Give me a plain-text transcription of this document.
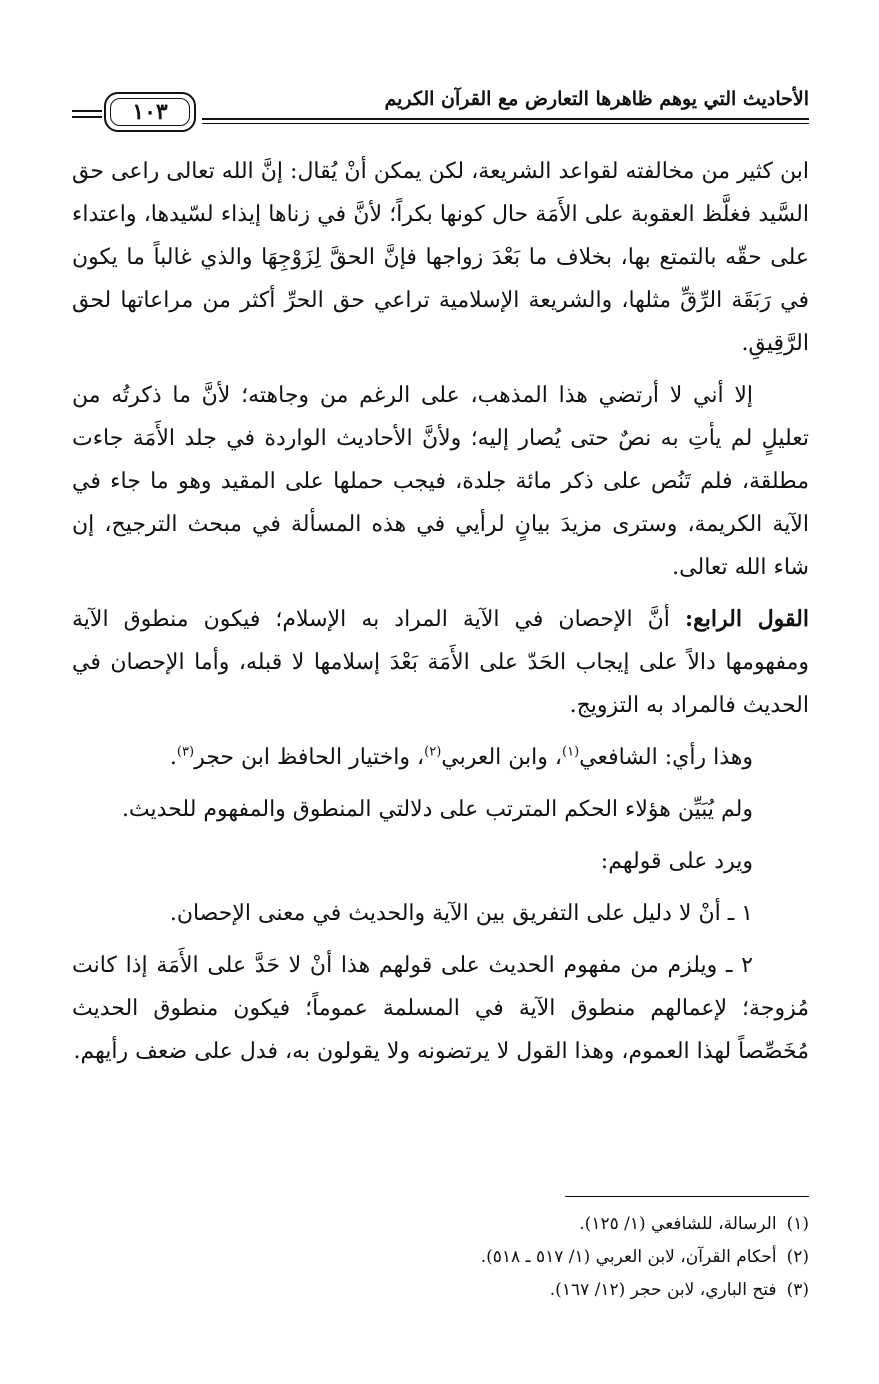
الأحاديث التي يوهم ظاهرها التعارض مع القرآن الكريم
١٠٣

ابن كثير من مخالفته لقواعد الشريعة، لكن يمكن أنْ يُقال: إنَّ الله تعالى راعى حق السَّيد فغلَّظ العقوبة على الأَمَة حال كونها بكراً؛ لأنَّ في زناها إيذاء لسّيدها، واعتداء على حقّه بالتمتع بها، بخلاف ما بَعْدَ زواجها فإنَّ الحقَّ لِزَوْجِهَا والذي غالباً ما يكون في رَبَقَة الرِّقِّ مثلها، والشريعة الإسلامية تراعي حق الحرِّ أكثر من مراعاتها لحق الرَّقِيقِ.

إلا أني لا أرتضي هذا المذهب، على الرغم من وجاهته؛ لأنَّ ما ذكرتُه من تعليلٍ لم يأتِ به نصٌ حتى يُصار إليه؛ ولأنَّ الأحاديث الواردة في جلد الأَمَة جاءت مطلقة، فلم تَنُص على ذكر مائة جلدة، فيجب حملها على المقيد وهو ما جاء في الآية الكريمة، وسترى مزيدَ بيانٍ لرأيي في هذه المسألة في مبحث الترجيح، إن شاء الله تعالى.

القول الرابع: أنَّ الإحصان في الآية المراد به الإسلام؛ فيكون منطوق الآية ومفهومها دالاً على إيجاب الحَدّ على الأَمَة بَعْدَ إسلامها لا قبله، وأما الإحصان في الحديث فالمراد به التزويج.

وهذا رأي: الشافعي$^{(١)}$، وابن العربي$^{(٢)}$، واختيار الحافظ ابن حجر$^{(٣)}$.

ولم يُبَيِّن هؤلاء الحكم المترتب على دلالتي المنطوق والمفهوم للحديث.

ويرد على قولهم:

١ ـ أنْ لا دليل على التفريق بين الآية والحديث في معنى الإحصان.

٢ ـ ويلزم من مفهوم الحديث على قولهم هذا أنْ لا حَدَّ على الأَمَة إذا كانت مُزوجة؛ لإعمالهم منطوق الآية في المسلمة عموماً؛ فيكون منطوق الحديث مُخَصِّصاً لهذا العموم، وهذا القول لا يرتضونه ولا يقولون به، فدل على ضعف رأيهم.

(١)الرسالة، للشافعي (١/ ١٢٥).
(٢)أحكام القرآن، لابن العربي (١/ ٥١٧ ـ ٥١٨).
(٣)فتح الباري، لابن حجر (١٢/ ١٦٧).
